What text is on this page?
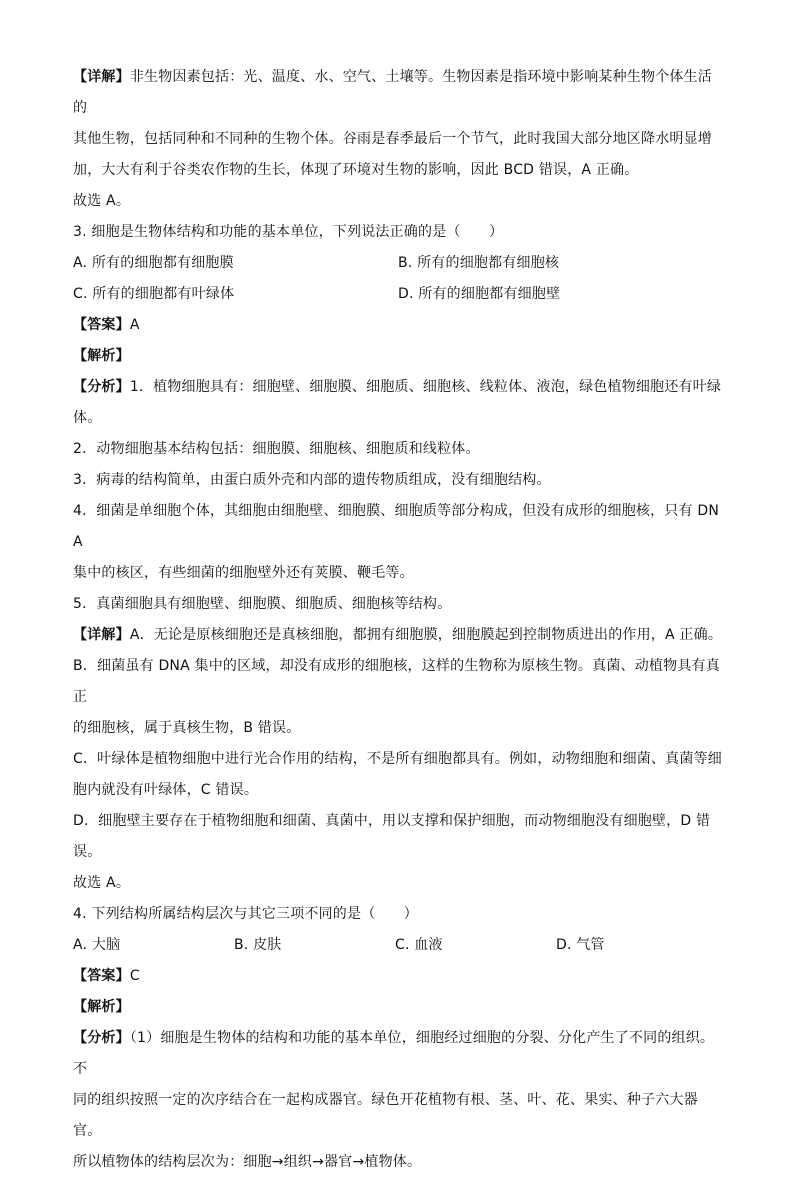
【详解】非生物因素包括：光、温度、水、空气、土壤等。生物因素是指环境中影响某种生物个体生活的

其他生物，包括同种和不同种的生物个体。谷雨是春季最后一个节气，此时我国大部分地区降水明显增

加，大大有利于谷类农作物的生长，体现了环境对生物的影响，因此 BCD 错误，A 正确。

故选 A。

3. 细胞是生物体结构和功能的基本单位，下列说法正确的是（　　）

A. 所有的细胞都有细胞膜	B. 所有的细胞都有细胞核
C. 所有的细胞都有叶绿体	D. 所有的细胞都有细胞壁

【答案】A

【解析】

【分析】1．植物细胞具有：细胞壁、细胞膜、细胞质、细胞核、线粒体、液泡，绿色植物细胞还有叶绿

体。

2．动物细胞基本结构包括：细胞膜、细胞核、细胞质和线粒体。

3．病毒的结构简单，由蛋白质外壳和内部的遗传物质组成，没有细胞结构。

4．细菌是单细胞个体，其细胞由细胞壁、细胞膜、细胞质等部分构成，但没有成形的细胞核，只有 DNA

集中的核区，有些细菌的细胞壁外还有荚膜、鞭毛等。

5．真菌细胞具有细胞壁、细胞膜、细胞质、细胞核等结构。

【详解】A．无论是原核细胞还是真核细胞，都拥有细胞膜，细胞膜起到控制物质进出的作用，A 正确。

B．细菌虽有 DNA 集中的区域，却没有成形的细胞核，这样的生物称为原核生物。真菌、动植物具有真正

的细胞核，属于真核生物，B 错误。

C．叶绿体是植物细胞中进行光合作用的结构，不是所有细胞都具有。例如，动物细胞和细菌、真菌等细

胞内就没有叶绿体，C 错误。

D．细胞壁主要存在于植物细胞和细菌、真菌中，用以支撑和保护细胞，而动物细胞没有细胞壁，D 错

误。

故选 A。

4. 下列结构所属结构层次与其它三项不同的是（　　）

A. 大脑	B. 皮肤	C. 血液	D. 气管

【答案】C

【解析】

【分析】（1）细胞是生物体的结构和功能的基本单位，细胞经过细胞的分裂、分化产生了不同的组织。不

同的组织按照一定的次序结合在一起构成器官。绿色开花植物有根、茎、叶、花、果实、种子六大器官。

所以植物体的结构层次为：细胞→组织→器官→植物体。
